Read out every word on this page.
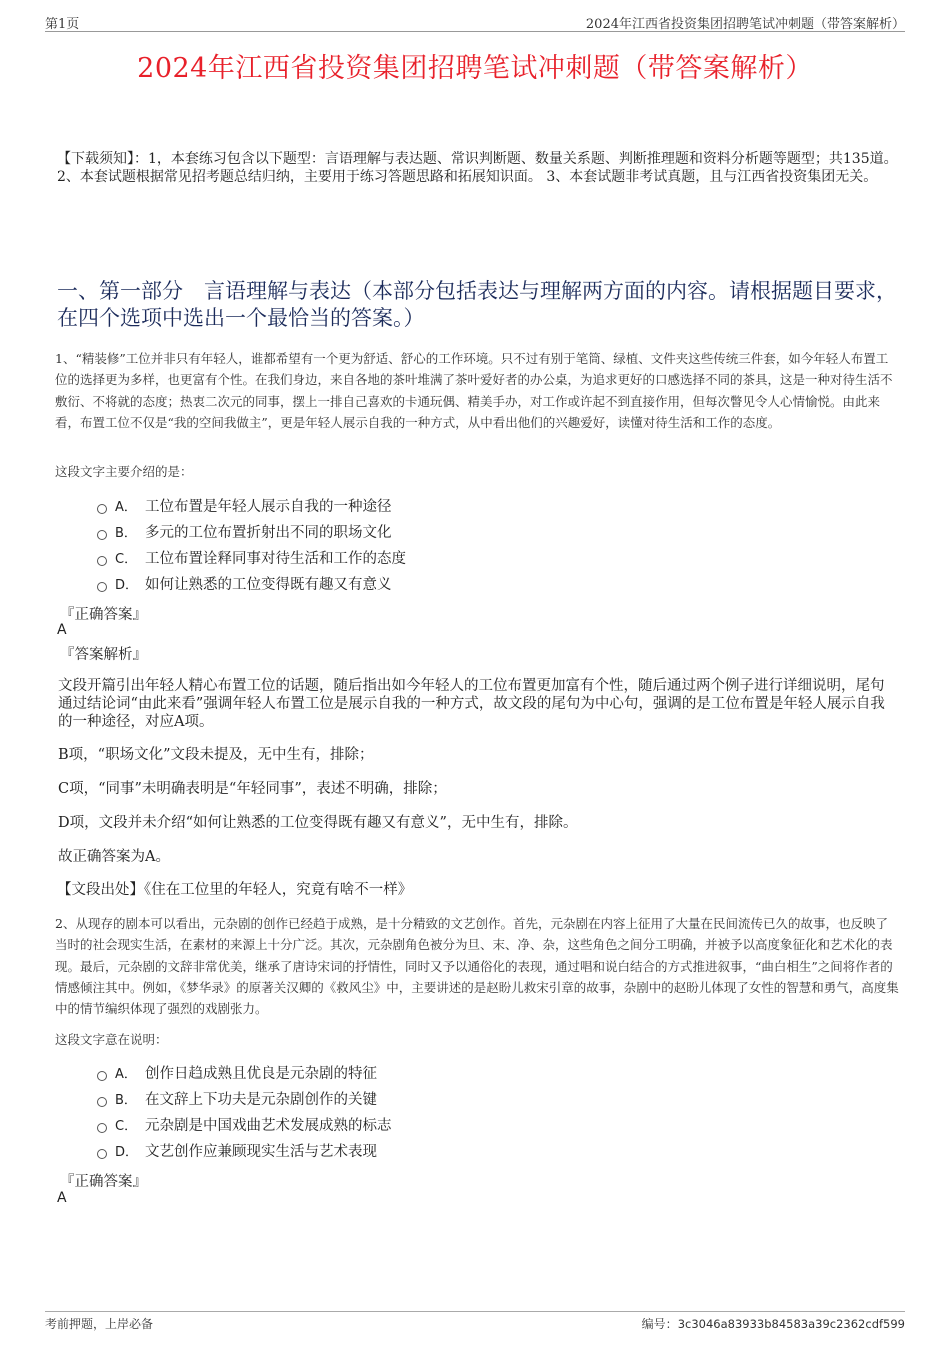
第1页	2024年江西省投资集团招聘笔试冲刺题（带答案解析）
2024年江西省投资集团招聘笔试冲刺题（带答案解析）
【下载须知】：1，本套练习包含以下题型：言语理解与表达题、常识判断题、数量关系题、判断推理题和资料分析题等题型；共135道。 2、本套试题根据常见招考题总结归纳，主要用于练习答题思路和拓展知识面。 3、本套试题非考试真题，且与江西省投资集团无关。
一、第一部分　言语理解与表达（本部分包括表达与理解两方面的内容。请根据题目要求，在四个选项中选出一个最恰当的答案。）
1、“精装修”工位并非只有年轻人，谁都希望有一个更为舒适、舒心的工作环境。只不过有别于笔筒、绿植、文件夹这些传统三件套，如今年轻人布置工位的选择更为多样，也更富有个性。在我们身边，来自各地的茶叶堆满了茶叶爱好者的办公桌，为追求更好的口感选择不同的茶具，这是一种对待生活不敷衍、不将就的态度；热衷二次元的同事，摆上一排自己喜欢的卡通玩偶、精美手办，对工作或许起不到直接作用，但每次瞥见令人心情愉悦。由此来看，布置工位不仅是“我的空间我做主”，更是年轻人展示自我的一种方式，从中看出他们的兴趣爱好，读懂对待生活和工作的态度。
这段文字主要介绍的是：
A． 工位布置是年轻人展示自我的一种途径
B． 多元的工位布置折射出不同的职场文化
C． 工位布置诠释同事对待生活和工作的态度
D． 如何让熟悉的工位变得既有趣又有意义
『正确答案』
A
『答案解析』
文段开篇引出年轻人精心布置工位的话题，随后指出如今年轻人的工位布置更加富有个性，随后通过两个例子进行详细说明，尾句通过结论词“由此来看”强调年轻人布置工位是展示自我的一种方式，故文段的尾句为中心句，强调的是工位布置是年轻人展示自我的一种途径，对应A项。
B项，“职场文化”文段未提及，无中生有，排除；
C项，“同事”未明确表明是“年轻同事”，表述不明确，排除；
D项，文段并未介绍“如何让熟悉的工位变得既有趣又有意义”，无中生有，排除。
故正确答案为A。
【文段出处】《住在工位里的年轻人，究竟有啥不一样》
2、从现存的剧本可以看出，元杂剧的创作已经趋于成熟，是十分精致的文艺创作。首先，元杂剧在内容上征用了大量在民间流传已久的故事，也反映了当时的社会现实生活，在素材的来源上十分广泛。其次，元杂剧角色被分为旦、末、净、杂，这些角色之间分工明确，并被予以高度象征化和艺术化的表现。最后，元杂剧的文辞非常优美，继承了唐诗宋词的抒情性，同时又予以通俗化的表现，通过唱和说白结合的方式推进叙事，“曲白相生”之间将作者的情感倾注其中。例如，《梦华录》的原著关汉卿的《救风尘》中，主要讲述的是赵盼儿救宋引章的故事，杂剧中的赵盼儿体现了女性的智慧和勇气，高度集中的情节编织体现了强烈的戏剧张力。
这段文字意在说明：
A． 创作日趋成熟且优良是元杂剧的特征
B． 在文辞上下功夫是元杂剧创作的关键
C． 元杂剧是中国戏曲艺术发展成熟的标志
D． 文艺创作应兼顾现实生活与艺术表现
『正确答案』
A
考前押题，上岸必备	编号：3c3046a83933b84583a39c2362cdf599
